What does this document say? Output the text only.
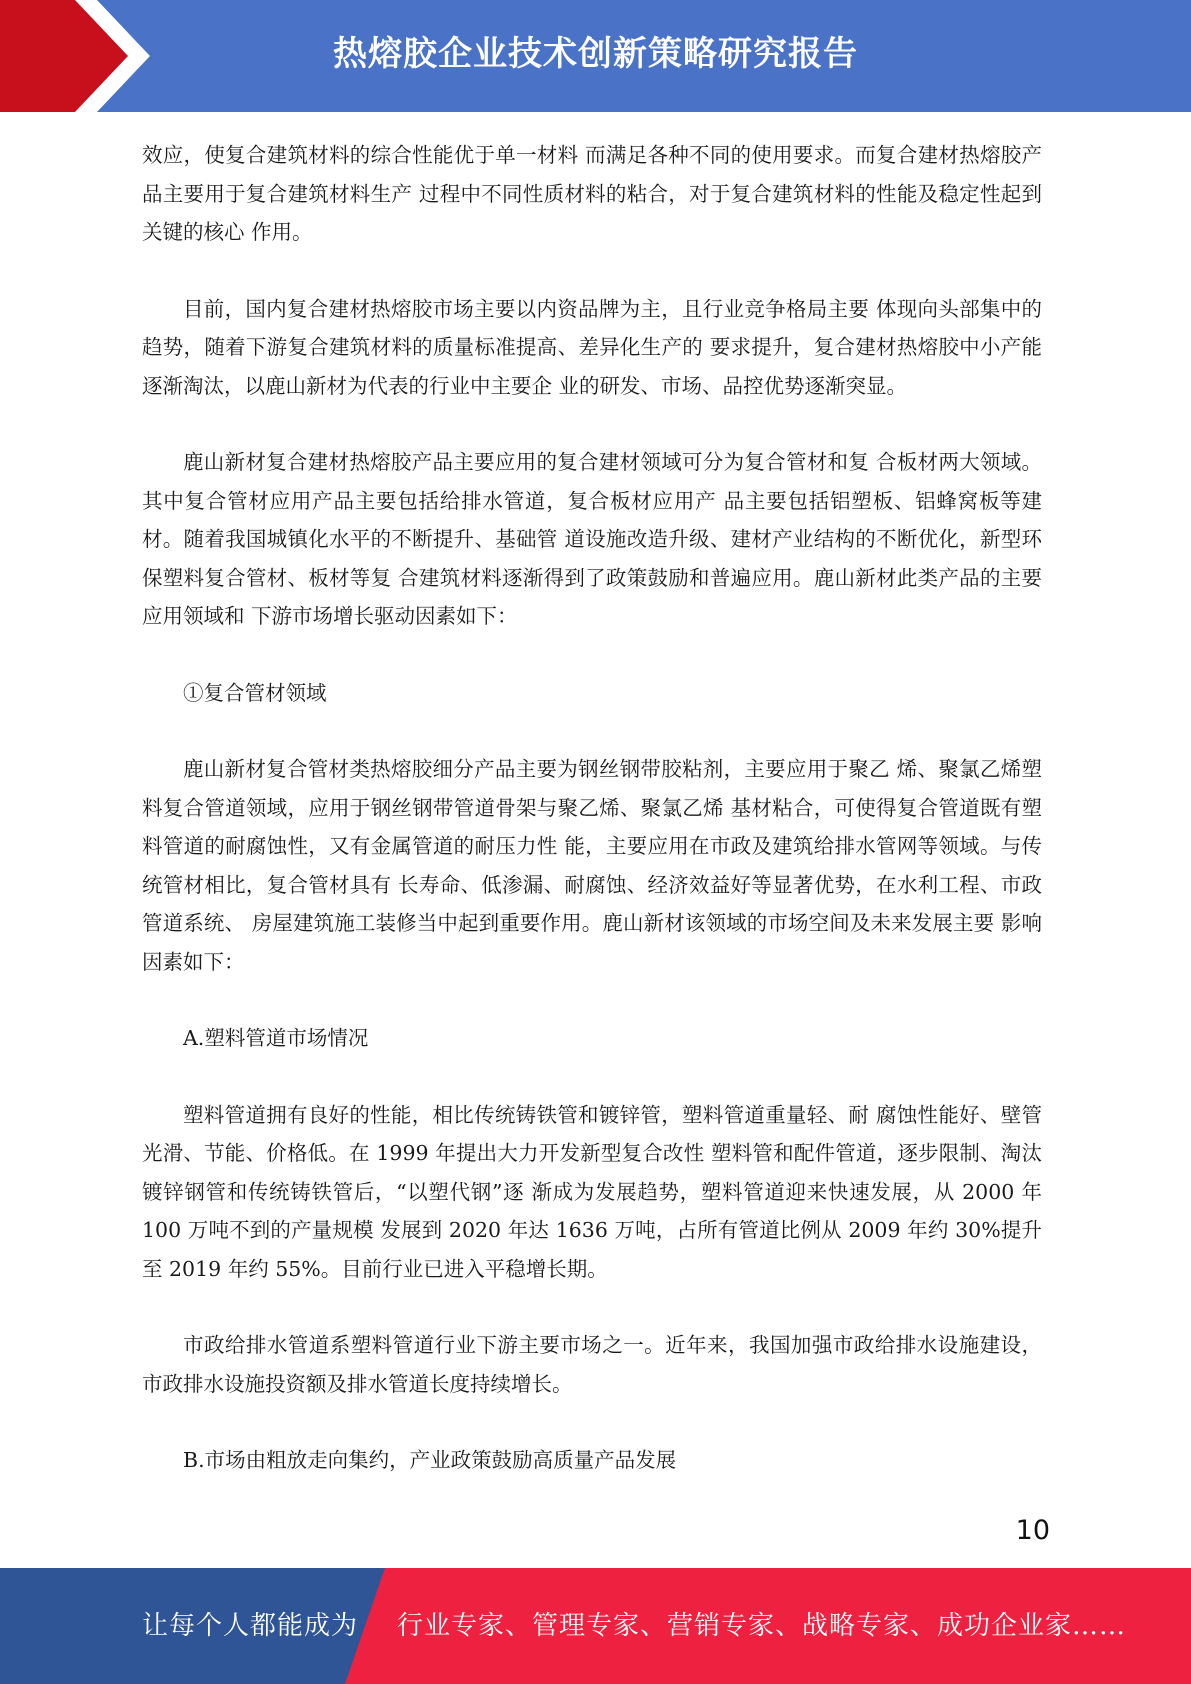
热熔胶企业技术创新策略研究报告

效应，使复合建筑材料的综合性能优于单一材料 而满足各种不同的使用要求。而复合建材热熔胶产品主要用于复合建筑材料生产 过程中不同性质材料的粘合，对于复合建筑材料的性能及稳定性起到关键的核心 作用。

目前，国内复合建材热熔胶市场主要以内资品牌为主，且行业竞争格局主要 体现向头部集中的趋势，随着下游复合建筑材料的质量标准提高、差异化生产的 要求提升，复合建材热熔胶中小产能逐渐淘汰，以鹿山新材为代表的行业中主要企 业的研发、市场、品控优势逐渐突显。

鹿山新材复合建材热熔胶产品主要应用的复合建材领域可分为复合管材和复 合板材两大领域。其中复合管材应用产品主要包括给排水管道，复合板材应用产 品主要包括铝塑板、铝蜂窝板等建材。随着我国城镇化水平的不断提升、基础管 道设施改造升级、建材产业结构的不断优化，新型环保塑料复合管材、板材等复 合建筑材料逐渐得到了政策鼓励和普遍应用。鹿山新材此类产品的主要应用领域和 下游市场增长驱动因素如下：

①复合管材领域

鹿山新材复合管材类热熔胶细分产品主要为钢丝钢带胶粘剂，主要应用于聚乙 烯、聚氯乙烯塑料复合管道领域，应用于钢丝钢带管道骨架与聚乙烯、聚氯乙烯 基材粘合，可使得复合管道既有塑料管道的耐腐蚀性，又有金属管道的耐压力性 能，主要应用在市政及建筑给排水管网等领域。与传统管材相比，复合管材具有 长寿命、低渗漏、耐腐蚀、经济效益好等显著优势，在水利工程、市政管道系统、 房屋建筑施工装修当中起到重要作用。鹿山新材该领域的市场空间及未来发展主要 影响因素如下：

A.塑料管道市场情况

塑料管道拥有良好的性能，相比传统铸铁管和镀锌管，塑料管道重量轻、耐 腐蚀性能好、壁管光滑、节能、价格低。在 1999 年提出大力开发新型复合改性 塑料管和配件管道，逐步限制、淘汰镀锌钢管和传统铸铁管后，“以塑代钢”逐 渐成为发展趋势，塑料管道迎来快速发展，从 2000 年 100 万吨不到的产量规模 发展到 2020 年达 1636 万吨，占所有管道比例从 2009 年约 30%提升至 2019 年约 55%。目前行业已进入平稳增长期。

市政给排水管道系塑料管道行业下游主要市场之一。近年来，我国加强市政给排水设施建设，市政排水设施投资额及排水管道长度持续增长。

B.市场由粗放走向集约，产业政策鼓励高质量产品发展

10
让每个人都能成为 行业专家、管理专家、营销专家、战略专家、成功企业家……
